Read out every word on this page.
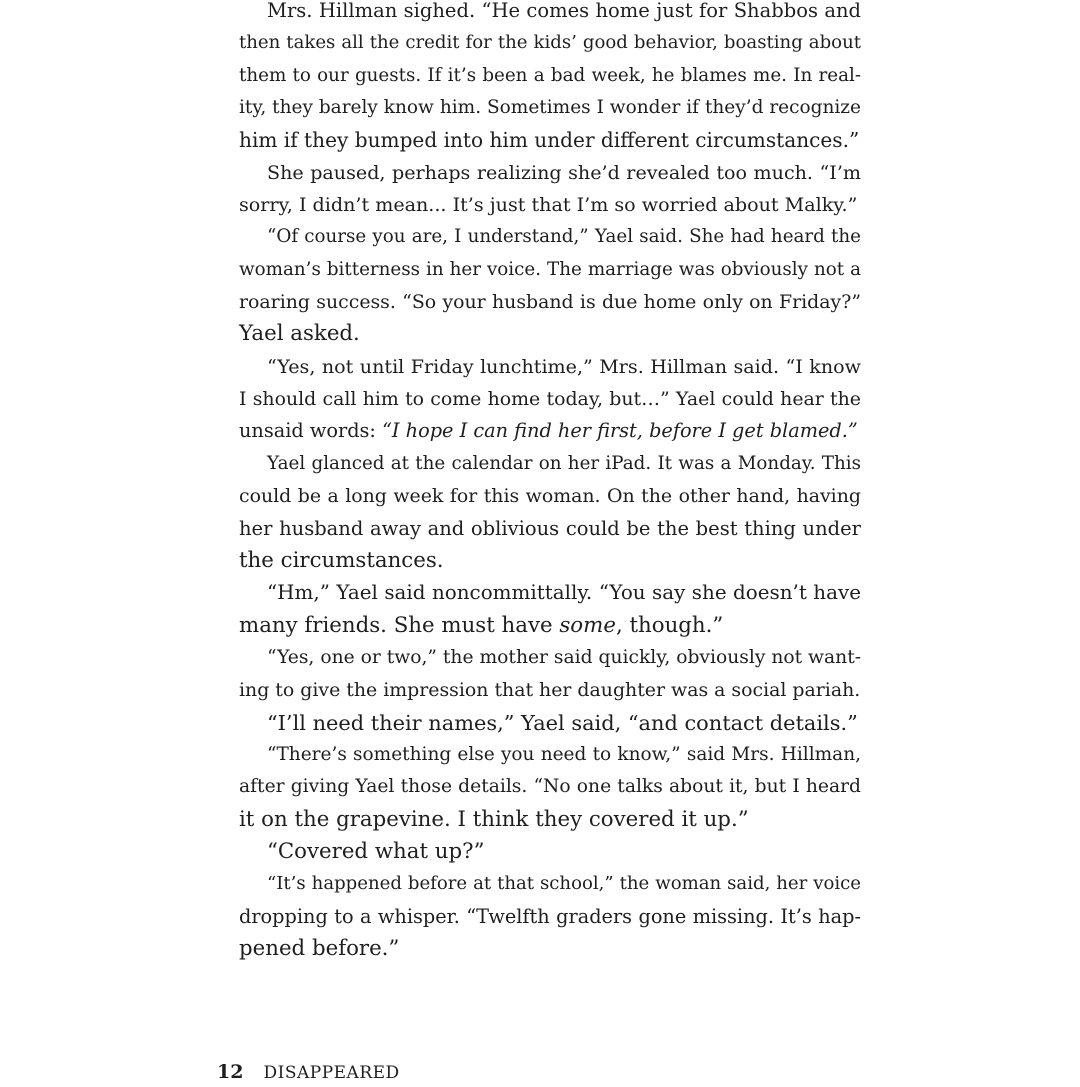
Mrs. Hillman sighed. “He comes home just for Shabbos and
then takes all the credit for the kids’ good behavior, boasting about
them to our guests. If it’s been a bad week, he blames me. In real-
ity, they barely know him. Sometimes I wonder if they’d recognize
him if they bumped into him under different circumstances.”
She paused, perhaps realizing she’d revealed too much. “I’m
sorry, I didn’t mean... It’s just that I’m so worried about Malky.”
“Of course you are, I understand,” Yael said. She had heard the
woman’s bitterness in her voice. The marriage was obviously not a
roaring success. “So your husband is due home only on Friday?”
Yael asked.
“Yes, not until Friday lunchtime,” Mrs. Hillman said. “I know
I should call him to come home today, but…” Yael could hear the
unsaid words: “I hope I can find her first, before I get blamed.”
Yael glanced at the calendar on her iPad. It was a Monday. This
could be a long week for this woman. On the other hand, having
her husband away and oblivious could be the best thing under
the circumstances.
“Hm,” Yael said noncommittally. “You say she doesn’t have
many friends. She must have some, though.”
“Yes, one or two,” the mother said quickly, obviously not want-
ing to give the impression that her daughter was a social pariah.
“I’ll need their names,” Yael said, “and contact details.”
“There’s something else you need to know,” said Mrs. Hillman,
after giving Yael those details. “No one talks about it, but I heard
it on the grapevine. I think they covered it up.”
“Covered what up?”
“It’s happened before at that school,” the woman said, her voice
dropping to a whisper. “Twelfth graders gone missing. It’s hap-
pened before.”
12 DISAPPEARED
